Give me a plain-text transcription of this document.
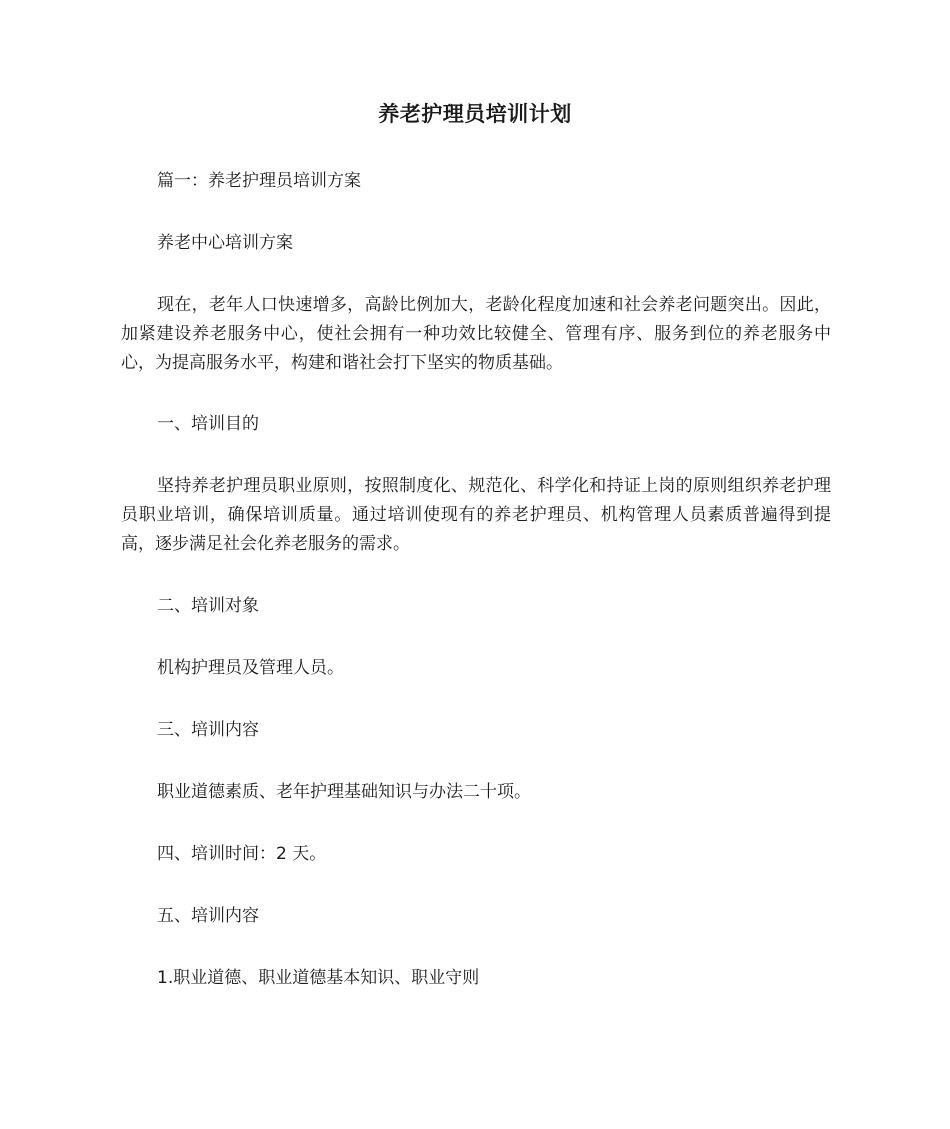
养老护理员培训计划

篇一：养老护理员培训方案

养老中心培训方案

现在，老年人口快速增多，高龄比例加大，老龄化程度加速和社会养老问题突出。因此，加紧建设养老服务中心，使社会拥有一种功效比较健全、管理有序、服务到位的养老服务中心，为提高服务水平，构建和谐社会打下坚实的物质基础。

一、培训目的

坚持养老护理员职业原则，按照制度化、规范化、科学化和持证上岗的原则组织养老护理员职业培训，确保培训质量。通过培训使现有的养老护理员、机构管理人员素质普遍得到提高，逐步满足社会化养老服务的需求。

二、培训对象

机构护理员及管理人员。

三、培训内容

职业道德素质、老年护理基础知识与办法二十项。

四、培训时间：2 天。

五、培训内容

1.职业道德、职业道德基本知识、职业守则
